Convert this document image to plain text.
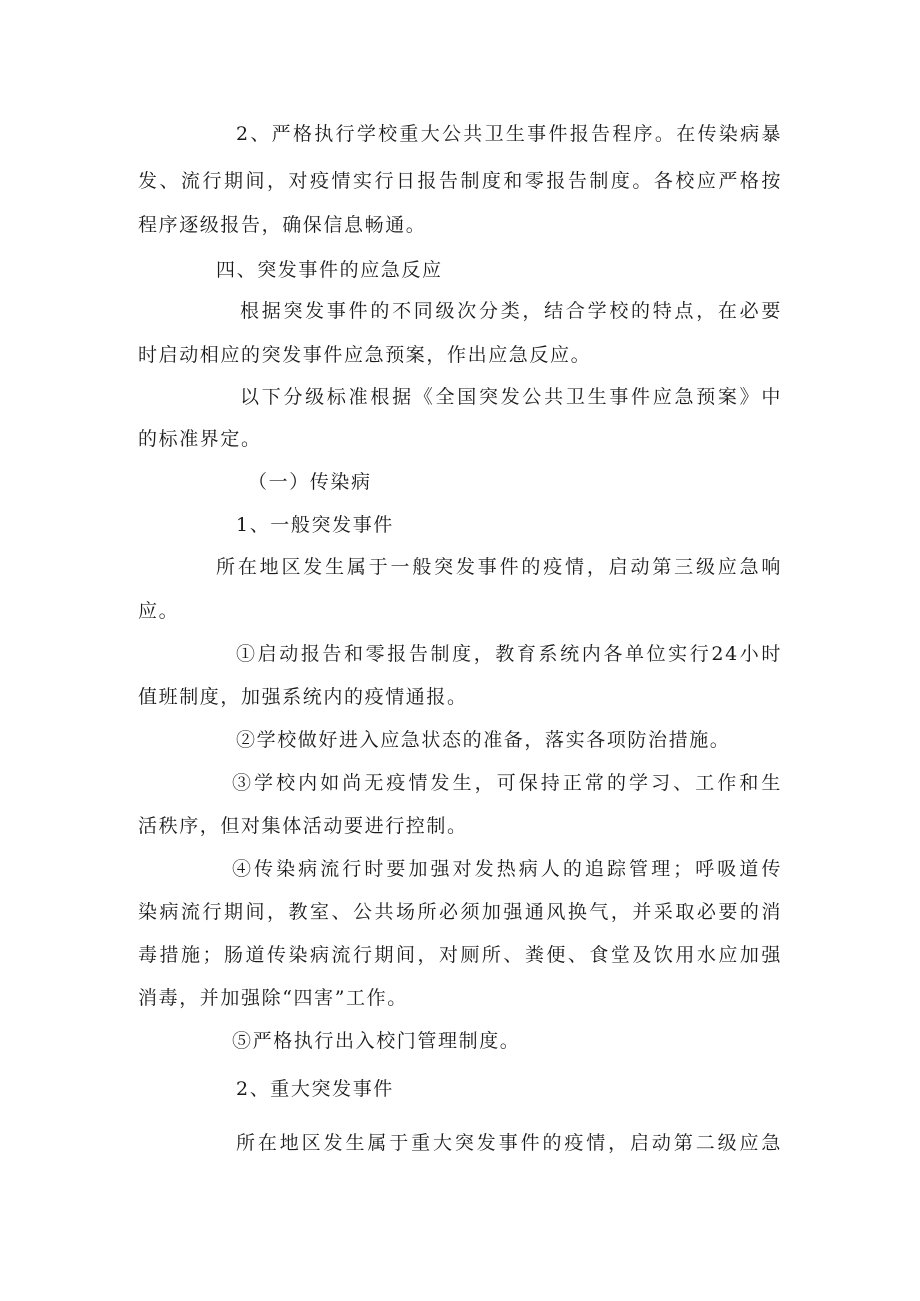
2、严格执行学校重大公共卫生事件报告程序。在传染病暴
发、流行期间，对疫情实行日报告制度和零报告制度。各校应严格按
程序逐级报告，确保信息畅通。
四、突发事件的应急反应
根据突发事件的不同级次分类，结合学校的特点，在必要
时启动相应的突发事件应急预案，作出应急反应。
以下分级标准根据《全国突发公共卫生事件应急预案》中
的标准界定。
（一）传染病
1、一般突发事件
所在地区发生属于一般突发事件的疫情，启动第三级应急响
应。
①启动报告和零报告制度，教育系统内各单位实行24小时
值班制度，加强系统内的疫情通报。
②学校做好进入应急状态的准备，落实各项防治措施。
③学校内如尚无疫情发生，可保持正常的学习、工作和生
活秩序，但对集体活动要进行控制。
④传染病流行时要加强对发热病人的追踪管理；呼吸道传
染病流行期间，教室、公共场所必须加强通风换气，并采取必要的消
毒措施；肠道传染病流行期间，对厕所、粪便、食堂及饮用水应加强
消毒，并加强除“四害”工作。
⑤严格执行出入校门管理制度。
2、重大突发事件
所在地区发生属于重大突发事件的疫情，启动第二级应急
